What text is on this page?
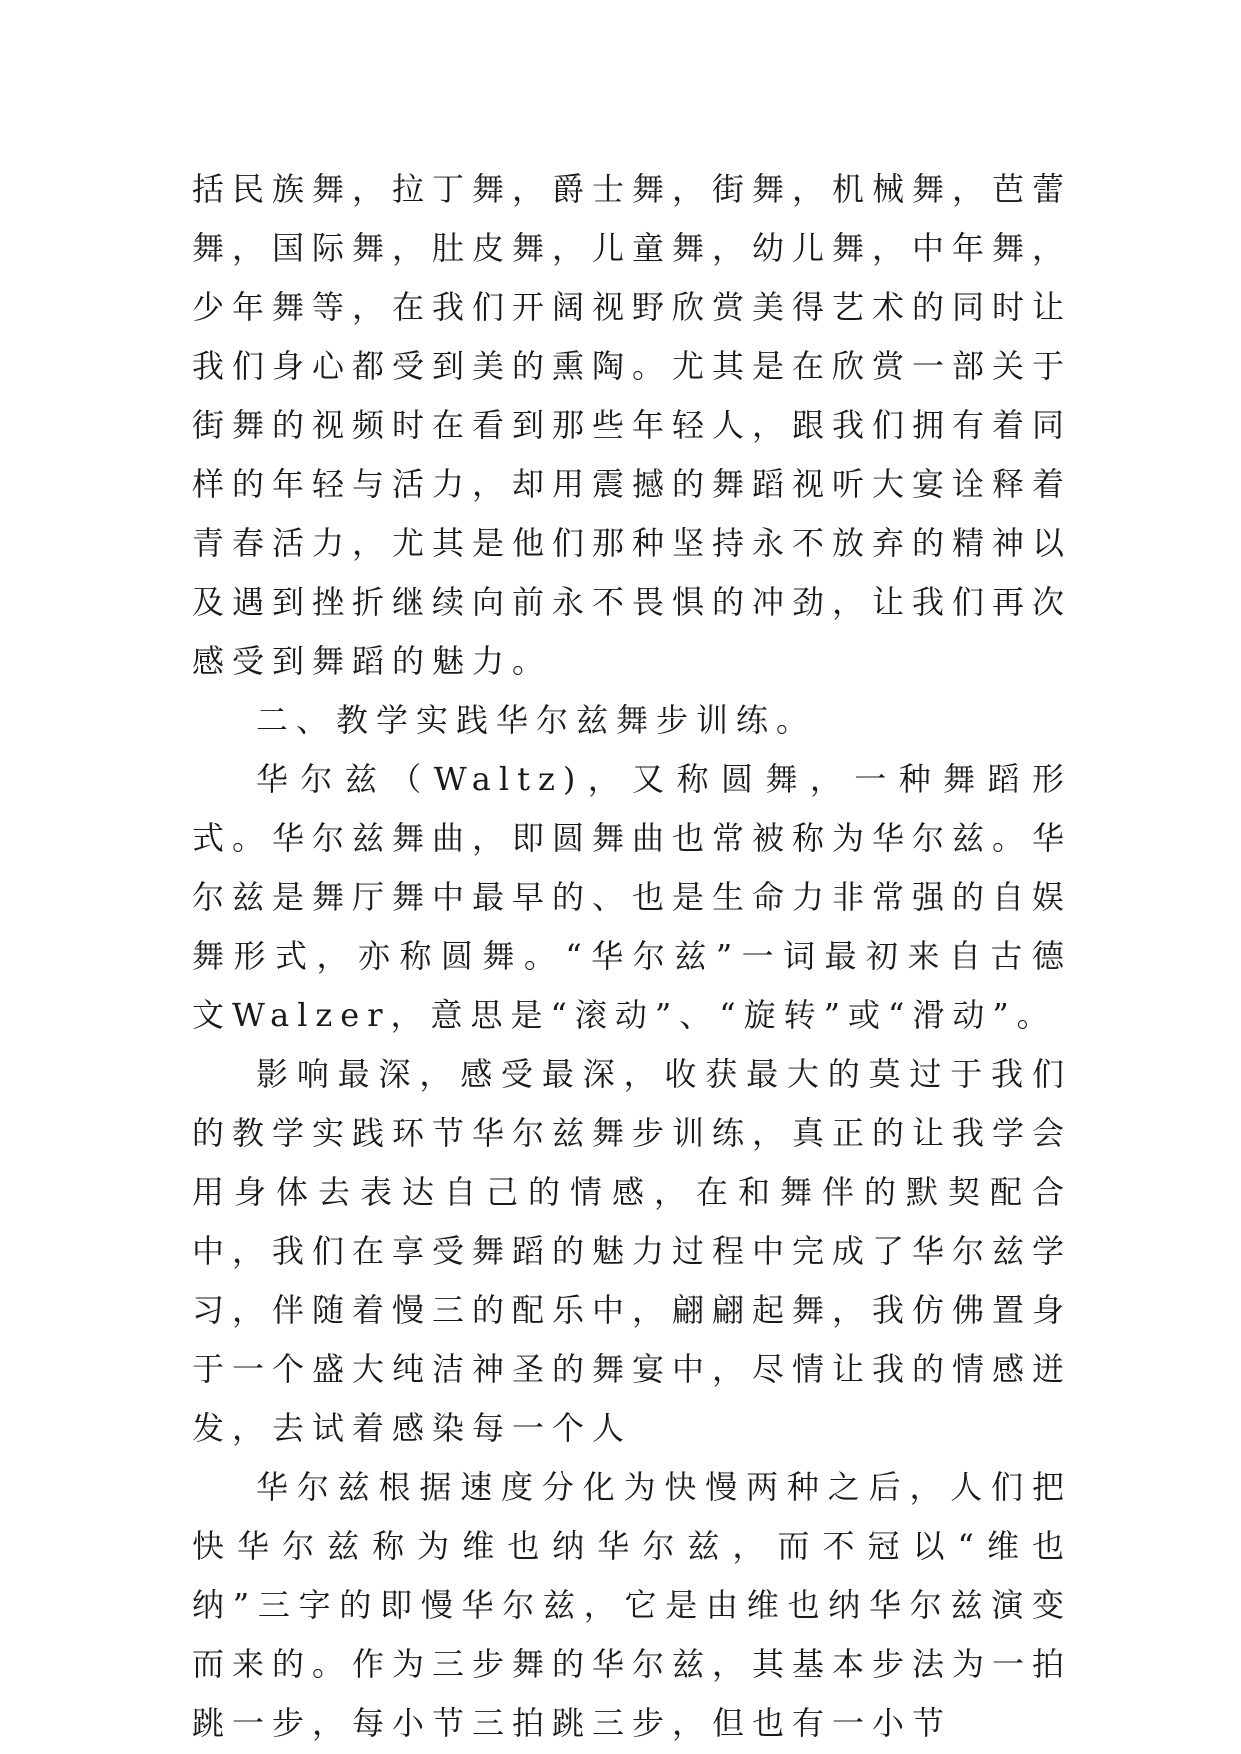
括民族舞，拉丁舞，爵士舞，街舞，机械舞，芭蕾舞，国际舞，肚皮舞，儿童舞，幼儿舞，中年舞，少年舞等，在我们开阔视野欣赏美得艺术的同时让我们身心都受到美的熏陶。尤其是在欣赏一部关于街舞的视频时在看到那些年轻人，跟我们拥有着同样的年轻与活力，却用震撼的舞蹈视听大宴诠释着青春活力，尤其是他们那种坚持永不放弃的精神以及遇到挫折继续向前永不畏惧的冲劲，让我们再次感受到舞蹈的魅力。

二、教学实践华尔兹舞步训练。

华尔兹（Waltz)，又称圆舞，一种舞蹈形式。华尔兹舞曲，即圆舞曲也常被称为华尔兹。华尔兹是舞厅舞中最早的、也是生命力非常强的自娱舞形式，亦称圆舞。“华尔兹”一词最初来自古德文Walzer，意思是“滚动”、“旋转”或“滑动”。

影响最深，感受最深，收获最大的莫过于我们的教学实践环节华尔兹舞步训练，真正的让我学会用身体去表达自己的情感，在和舞伴的默契配合中，我们在享受舞蹈的魅力过程中完成了华尔兹学习，伴随着慢三的配乐中，翩翩起舞，我仿佛置身于一个盛大纯洁神圣的舞宴中，尽情让我的情感迸发，去试着感染每一个人

华尔兹根据速度分化为快慢两种之后，人们把快华尔兹称为维也纳华尔兹，而不冠以“维也纳”三字的即慢华尔兹，它是由维也纳华尔兹演变而来的。作为三步舞的华尔兹，其基本步法为一拍跳一步，每小节三拍跳三步，但也有一小节
